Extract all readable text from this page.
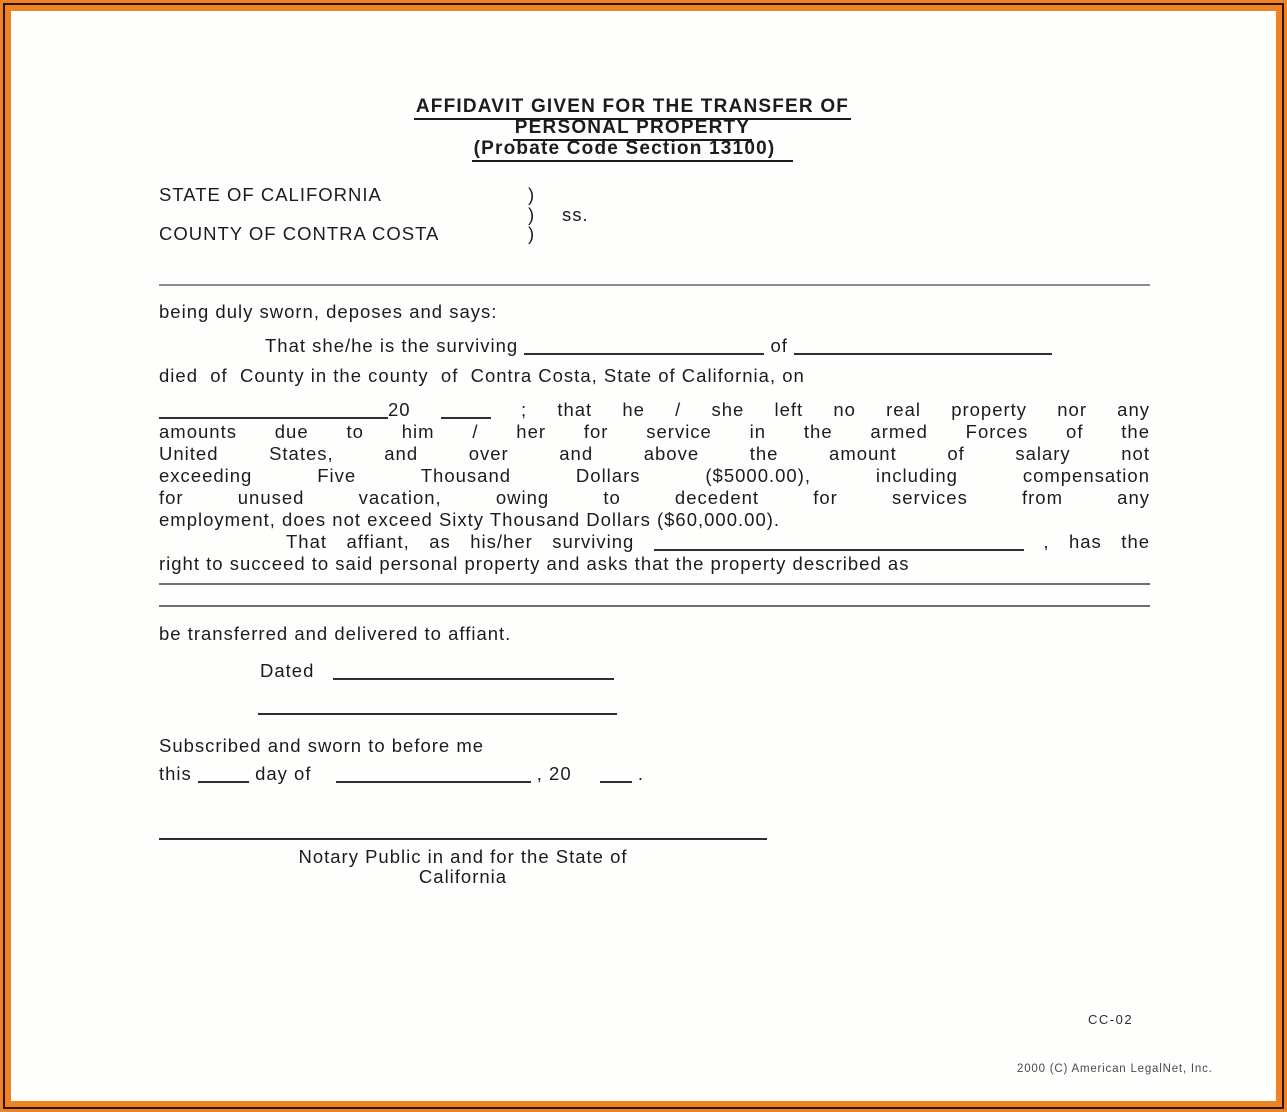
AFFIDAVIT GIVEN FOR THE TRANSFER OF
PERSONAL PROPERTY
(Probate Code Section 13100)
STATE OF CALIFORNIA	)
)	ss.
COUNTY OF CONTRA COSTA	)
being duly sworn, deposes and says:
That she/he is the surviving	of
died  of  County in the county  of  Contra Costa, State of California, on
20	; that he / she left no real property nor any
amounts due to him / her for service in the armed Forces of the
United States, and over and above the amount of salary not
exceeding Five Thousand Dollars ($5000.00), including compensation
for unused vacation, owing to decedent for services from any
employment, does not exceed Sixty Thousand Dollars ($60,000.00).
That affiant, as his/her surviving	, has the
right to succeed to said personal property and asks that the property described as
be transferred and delivered to affiant.
Dated
Subscribed and sworn to before me
this	day of	, 20	.
Notary Public in and for the State of
California
CC-02
2000 (C) American LegalNet, Inc.
